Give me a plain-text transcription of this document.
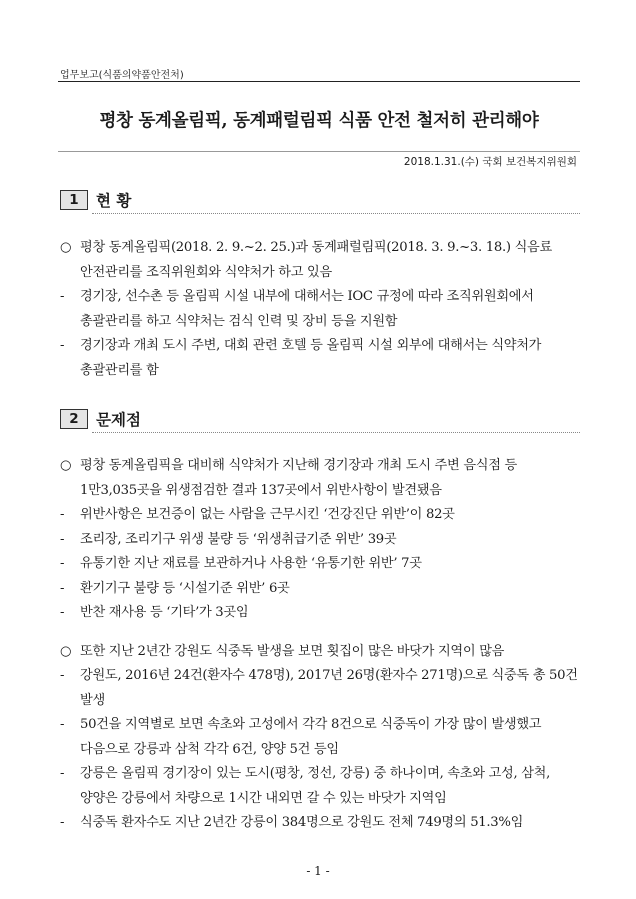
업무보고(식품의약품안전처)
평창 동계올림픽, 동계패럴림픽 식품 안전 철저히 관리해야
2018.1.31.(수) 국회 보건복지위원회
1	현 황
○ 평창 동계올림픽(2018. 2. 9.~2. 25.)과 동계패럴림픽(2018. 3. 9.~3. 18.) 식음료 안전관리를 조직위원회와 식약처가 하고 있음
-	경기장, 선수촌 등 올림픽 시설 내부에 대해서는 IOC 규정에 따라 조직위원회에서 총괄관리를 하고 식약처는 검식 인력 및 장비 등을 지원함
-	경기장과 개최 도시 주변, 대회 관련 호텔 등 올림픽 시설 외부에 대해서는 식약처가 총괄관리를 함
2	문제점
○ 평창 동계올림픽을 대비해 식약처가 지난해 경기장과 개최 도시 주변 음식점 등 1만3,035곳을 위생점검한 결과 137곳에서 위반사항이 발견됐음
-	위반사항은 보건증이 없는 사람을 근무시킨 ‘건강진단 위반’이 82곳
-	조리장, 조리기구 위생 불량 등 ‘위생취급기준 위반’ 39곳
-	유통기한 지난 재료를 보관하거나 사용한 ‘유통기한 위반’ 7곳
-	환기기구 불량 등 ‘시설기준 위반’ 6곳
-	반찬 재사용 등 ‘기타’가 3곳임
○ 또한 지난 2년간 강원도 식중독 발생을 보면 횟집이 많은 바닷가 지역이 많음
-	강원도, 2016년 24건(환자수 478명), 2017년 26명(환자수 271명)으로 식중독 총 50건 발생
-	50건을 지역별로 보면 속초와 고성에서 각각 8건으로 식중독이 가장 많이 발생했고 다음으로 강릉과 삼척 각각 6건, 양양 5건 등임
-	강릉은 올림픽 경기장이 있는 도시(평창, 정선, 강릉) 중 하나이며, 속초와 고성, 삼척, 양양은 강릉에서 차량으로 1시간 내외면 갈 수 있는 바닷가 지역임
-	식중독 환자수도 지난 2년간 강릉이 384명으로 강원도 전체 749명의 51.3%임
- 1 -
